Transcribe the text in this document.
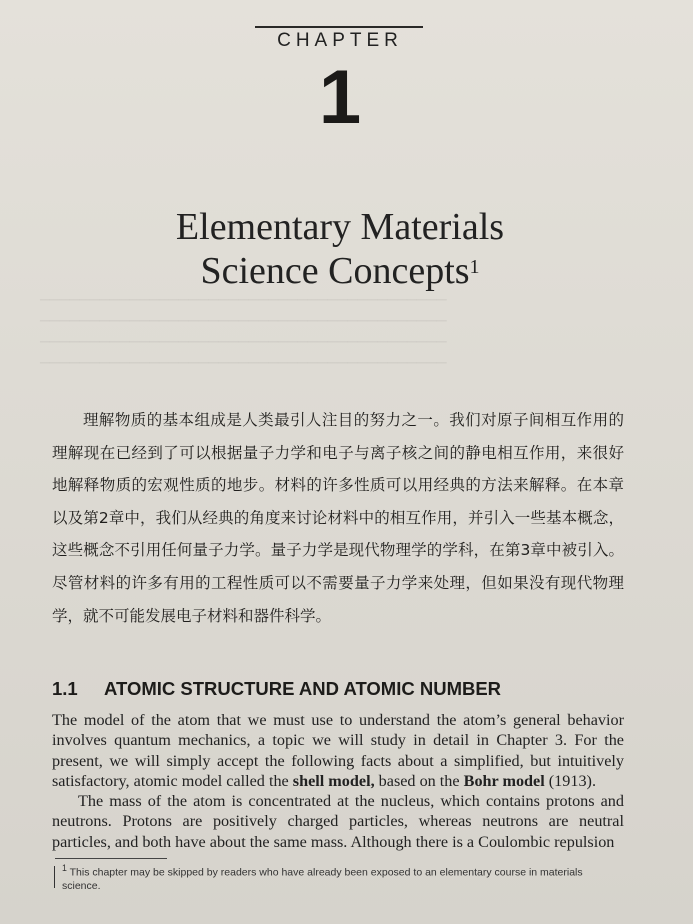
─────────────────────────────────────────
─────────────────────────────────────────
─────────────────────────────────────────
─────────────────────────────────────────
CHAPTER
1
Elementary Materials
Science Concepts$^1$

理解物质的基本组成是人类最引人注目的努力之一。我们对原子间相互作用的理解现在已经到了可以根据量子力学和电子与离子核之间的静电相互作用，来很好地解释物质的宏观性质的地步。材料的许多性质可以用经典的方法来解释。在本章以及第2章中，我们从经典的角度来讨论材料中的相互作用，并引入一些基本概念，这些概念不引用任何量子力学。量子力学是现代物理学的学科，在第3章中被引入。尽管材料的许多有用的工程性质可以不需要量子力学来处理，但如果没有现代物理学，就不可能发展电子材料和器件科学。

1.1 ATOMIC STRUCTURE AND ATOMIC NUMBER

The model of the atom that we must use to understand the atom’s general behavior involves quantum mechanics, a topic we will study in detail in Chapter 3. For the present, we will simply accept the following facts about a simplified, but intuitively satisfactory, atomic model called the shell model, based on the Bohr model (1913).

The mass of the atom is concentrated at the nucleus, which contains protons and neutrons. Protons are positively charged particles, whereas neutrons are neutral particles, and both have about the same mass. Although there is a Coulombic repulsion

$^1$ This chapter may be skipped by readers who have already been exposed to an elementary course in materials science.
